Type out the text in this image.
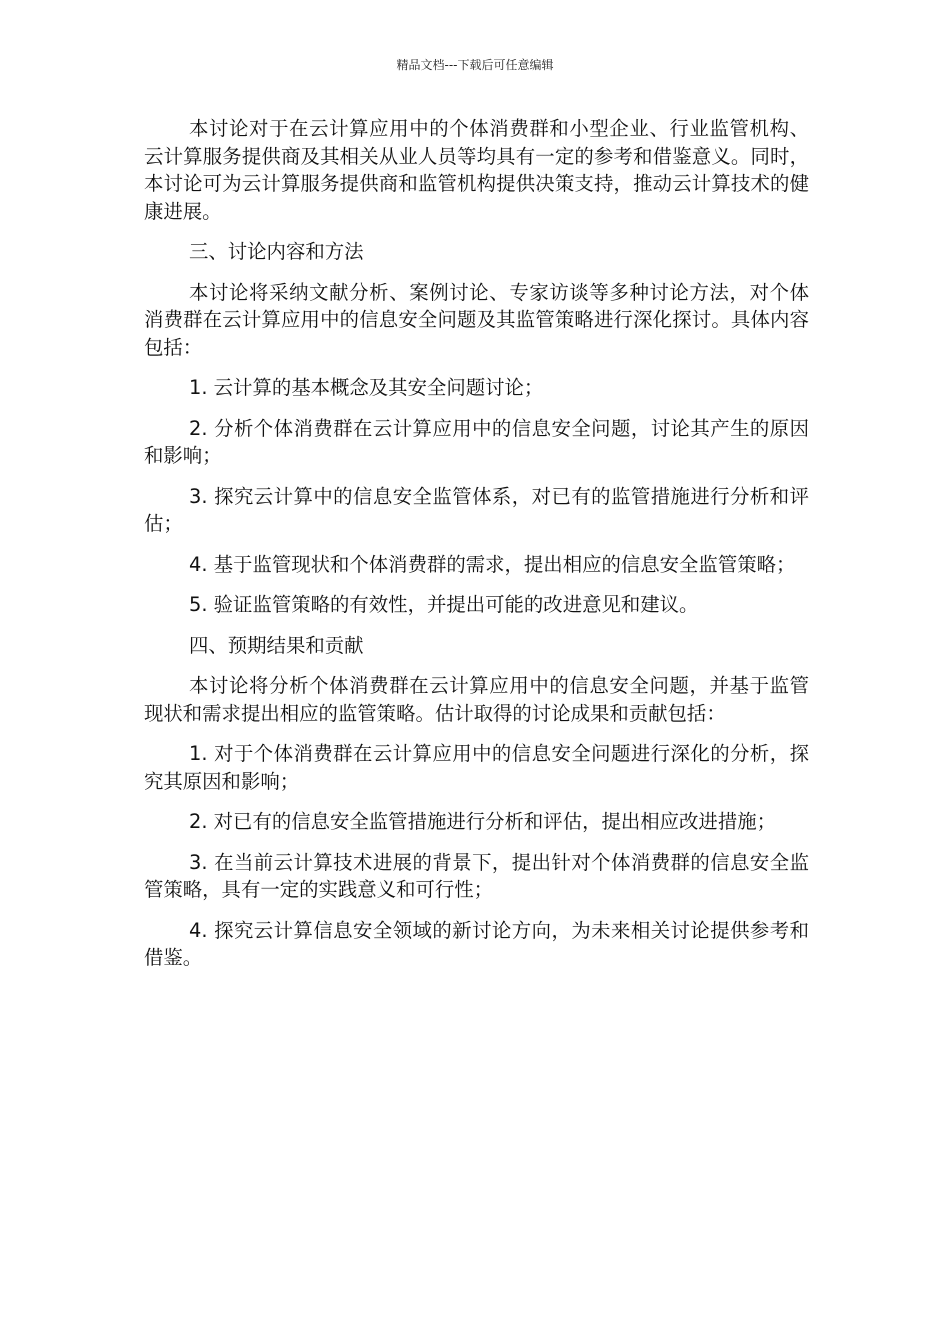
精品文档---下载后可任意编辑

本讨论对于在云计算应用中的个体消费群和小型企业、行业监管机构、云计算服务提供商及其相关从业人员等均具有一定的参考和借鉴意义。同时，本讨论可为云计算服务提供商和监管机构提供决策支持，推动云计算技术的健康进展。

三、讨论内容和方法

本讨论将采纳文献分析、案例讨论、专家访谈等多种讨论方法，对个体消费群在云计算应用中的信息安全问题及其监管策略进行深化探讨。具体内容包括：

1. 云计算的基本概念及其安全问题讨论；

2. 分析个体消费群在云计算应用中的信息安全问题，讨论其产生的原因和影响；

3. 探究云计算中的信息安全监管体系，对已有的监管措施进行分析和评估；

4. 基于监管现状和个体消费群的需求，提出相应的信息安全监管策略；

5. 验证监管策略的有效性，并提出可能的改进意见和建议。

四、预期结果和贡献

本讨论将分析个体消费群在云计算应用中的信息安全问题，并基于监管现状和需求提出相应的监管策略。估计取得的讨论成果和贡献包括：

1. 对于个体消费群在云计算应用中的信息安全问题进行深化的分析，探究其原因和影响；

2. 对已有的信息安全监管措施进行分析和评估，提出相应改进措施；

3. 在当前云计算技术进展的背景下，提出针对个体消费群的信息安全监管策略，具有一定的实践意义和可行性；

4. 探究云计算信息安全领域的新讨论方向，为未来相关讨论提供参考和借鉴。
